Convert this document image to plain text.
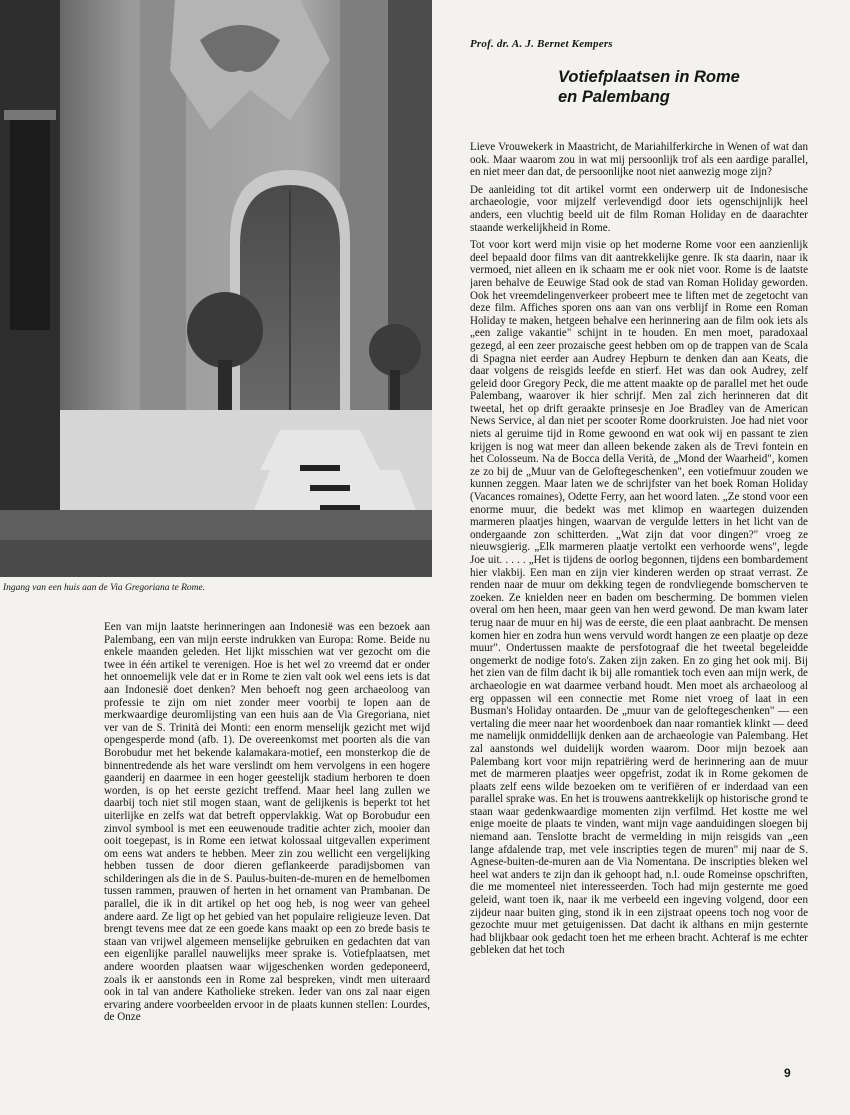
Ingang van een huis aan de Via Gregoriana te Rome.
Prof. dr. A. J. Bernet Kempers
Votiefplaatsen in Rome
en Palembang

Lieve Vrouwekerk in Maastricht, de Mariahilferkirche in Wenen of wat dan ook. Maar waarom zou in wat mij persoonlijk trof als een aardige parallel, en niet meer dan dat, de persoonlijke noot niet aanwezig moge zijn?

De aanleiding tot dit artikel vormt een onderwerp uit de Indonesische archaeologie, voor mijzelf verlevendigd door iets ogenschijnlijk heel anders, een vluchtig beeld uit de film Roman Holiday en de daarachter staande werkelijkheid in Rome.

Tot voor kort werd mijn visie op het moderne Rome voor een aanzienlijk deel bepaald door films van dit aantrekkelijke genre. Ik sta daarin, naar ik vermoed, niet alleen en ik schaam me er ook niet voor. Rome is de laatste jaren behalve de Eeuwige Stad ook de stad van Roman Holiday geworden. Ook het vreemdelingenverkeer probeert mee te liften met de zegetocht van deze film. Affiches sporen ons aan van ons verblijf in Rome een Roman Holiday te maken, hetgeen behalve een herinnering aan de film ook iets als „een zalige vakantie" schijnt in te houden. En men moet, paradoxaal gezegd, al een zeer prozaische geest hebben om op de trappen van de Scala di Spagna niet eerder aan Audrey Hepburn te denken dan aan Keats, die daar volgens de reisgids leefde en stierf. Het was dan ook Audrey, zelf geleid door Gregory Peck, die me attent maakte op de parallel met het oude Palembang, waarover ik hier schrijf. Men zal zich herinneren dat dit tweetal, het op drift geraakte prinsesje en Joe Bradley van de American News Service, al dan niet per scooter Rome doorkruisten. Joe had niet voor niets al geruime tijd in Rome gewoond en wat ook wij en passant te zien krijgen is nog wat meer dan alleen bekende zaken als de Trevi fontein en het Colosseum. Na de Bocca della Verità, de „Mond der Waarheid", komen ze zo bij de „Muur van de Geloftegeschenken", een votiefmuur zouden we kunnen zeggen. Maar laten we de schrijfster van het boek Roman Holiday (Vacances romaines), Odette Ferry, aan het woord laten. „Ze stond voor een enorme muur, die bedekt was met klimop en waartegen duizenden marmeren plaatjes hingen, waarvan de vergulde letters in het licht van de ondergaande zon schitterden. „Wat zijn dat voor dingen?" vroeg ze nieuwsgierig. „Elk marmeren plaatje vertolkt een verhoorde wens", legde Joe uit. . . . . „Het is tijdens de oorlog begonnen, tijdens een bombardement hier vlakbij. Een man en zijn vier kinderen werden op straat verrast. Ze renden naar de muur om dekking tegen de rondvliegende bomscherven te zoeken. Ze knielden neer en baden om bescherming. De bommen vielen overal om hen heen, maar geen van hen werd gewond. De man kwam later terug naar de muur en hij was de eerste, die een plaat aanbracht. De mensen komen hier en zodra hun wens vervuld wordt hangen ze een plaatje op deze muur". Ondertussen maakte de persfotograaf die het tweetal begeleidde ongemerkt de nodige foto's. Zaken zijn zaken. En zo ging het ook mij. Bij het zien van de film dacht ik bij alle romantiek toch even aan mijn werk, de archaeologie en wat daarmee verband houdt. Men moet als archaeoloog al erg oppassen wil een connectie met Rome niet vroeg of laat in een Busman's Holiday ontaarden. De „muur van de geloftegeschenken" — een vertaling die meer naar het woordenboek dan naar romantiek klinkt — deed me namelijk onmiddellijk denken aan de archaeologie van Palembang. Het zal aanstonds wel duidelijk worden waarom. Door mijn bezoek aan Palembang kort voor mijn repatriëring werd de herinnering aan de muur met de marmeren plaatjes weer opgefrist, zodat ik in Rome gekomen de plaats zelf eens wilde bezoeken om te verifiëren of er inderdaad van een parallel sprake was. En het is trouwens aantrekkelijk op historische grond te staan waar gedenkwaardige momenten zijn verfilmd. Het kostte me wel enige moeite de plaats te vinden, want mijn vage aanduidingen sloegen bij niemand aan. Tenslotte bracht de vermelding in mijn reisgids van „een lange afdalende trap, met vele inscripties tegen de muren" mij naar de S. Agnese-buiten-de-muren aan de Via Nomentana. De inscripties bleken wel heel wat anders te zijn dan ik gehoopt had, n.l. oude Romeinse opschriften, die me momenteel niet interesseerden. Toch had mijn gesternte me goed geleid, want toen ik, naar ik me verbeeld een ingeving volgend, door een zijdeur naar buiten ging, stond ik in een zijstraat opeens toch nog voor de gezochte muur met getuigenissen. Dat dacht ik althans en mijn gesternte had blijkbaar ook gedacht toen het me erheen bracht. Achteraf is me echter gebleken dat het toch

Een van mijn laatste herinneringen aan Indonesië was een bezoek aan Palembang, een van mijn eerste indrukken van Europa: Rome. Beide nu enkele maanden geleden. Het lijkt misschien wat ver gezocht om die twee in één artikel te verenigen. Hoe is het wel zo vreemd dat er onder het onnoemelijk vele dat er in Rome te zien valt ook wel eens iets is dat aan Indonesië doet denken? Men behoeft nog geen archaeoloog van professie te zijn om niet zonder meer voorbij te lopen aan de merkwaardige deuromlijsting van een huis aan de Via Gregoriana, niet ver van de S. Trinità dei Monti: een enorm menselijk gezicht met wijd opengesperde mond (afb. 1). De overeenkomst met poorten als die van Borobudur met het bekende kalamakara-motief, een monsterkop die de binnentredende als het ware verslindt om hem vervolgens in een hogere gaanderij en daarmee in een hoger geestelijk stadium herboren te doen worden, is op het eerste gezicht treffend. Maar heel lang zullen we daarbij toch niet stil mogen staan, want de gelijkenis is beperkt tot het uiterlijke en zelfs wat dat betreft oppervlakkig. Wat op Borobudur een zinvol symbool is met een eeuwenoude traditie achter zich, mooier dan ooit toegepast, is in Rome een ietwat kolossaal uitgevallen experiment om eens wat anders te hebben. Meer zin zou wellicht een vergelijking hebben tussen de door dieren geflankeerde paradijsbomen van schilderingen als die in de S. Paulus-buiten-de-muren en de hemelbomen tussen rammen, prauwen of herten in het ornament van Prambanan. De parallel, die ik in dit artikel op het oog heb, is nog weer van geheel andere aard. Ze ligt op het gebied van het populaire religieuze leven. Dat brengt tevens mee dat ze een goede kans maakt op een zo brede basis te staan van vrijwel algemeen menselijke gebruiken en gedachten dat van een eigenlijke parallel nauwelijks meer sprake is. Votiefplaatsen, met andere woorden plaatsen waar wijgeschenken worden gedeponeerd, zoals ik er aanstonds een in Rome zal bespreken, vindt men uiteraard ook in tal van andere Katholieke streken. Ieder van ons zal naar eigen ervaring andere voorbeelden ervoor in de plaats kunnen stellen: Lourdes, de Onze

9
